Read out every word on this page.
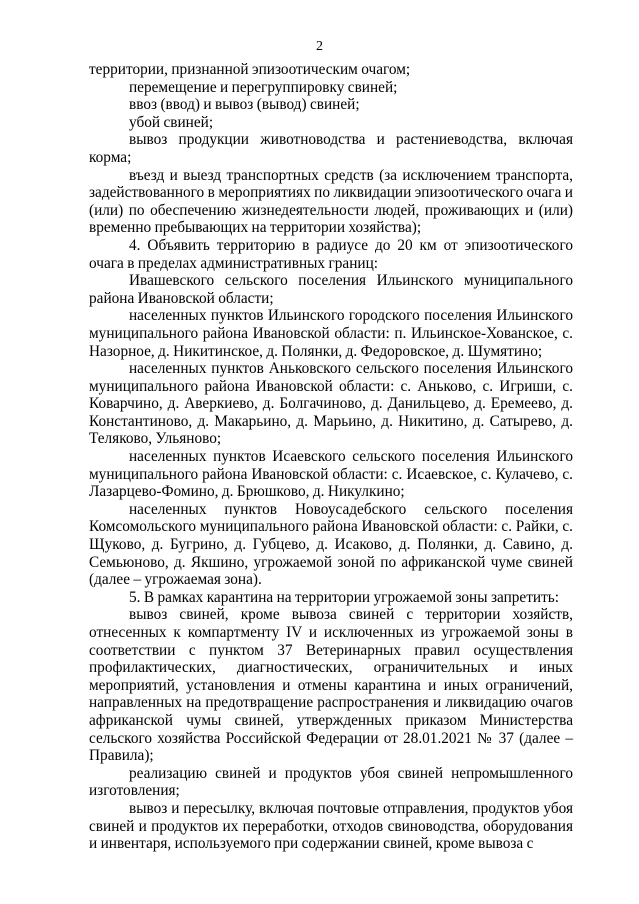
2

территории, признанной эпизоотическим очагом;

перемещение и перегруппировку свиней;

ввоз (ввод) и вывоз (вывод) свиней;

убой свиней;

вывоз продукции животноводства и растениеводства, включая корма;

въезд и выезд транспортных средств (за исключением транспорта, задействованного в мероприятиях по ликвидации эпизоотического очага и (или) по обеспечению жизнедеятельности людей, проживающих и (или) временно пребывающих на территории хозяйства);

4. Объявить территорию в радиусе до 20 км от эпизоотического очага в пределах административных границ:

Ивашевского сельского поселения Ильинского муниципального района Ивановской области;

населенных пунктов Ильинского городского поселения Ильинского муниципального района Ивановской области: п. Ильинское-Хованское, с. Назорное, д. Никитинское, д. Полянки, д. Федоровское, д. Шумятино;

населенных пунктов Аньковского сельского поселения Ильинского муниципального района Ивановской области: с. Аньково, с. Игриши, с. Коварчино, д. Аверкиево, д. Болгачиново, д. Данильцево, д. Еремеево, д. Константиново, д. Макарьино, д. Марьино, д. Никитино, д. Сатырево, д. Теляково, Ульяново;

населенных пунктов Исаевского сельского поселения Ильинского муниципального района Ивановской области: с. Исаевское, с. Кулачево, с. Лазарцево-Фомино, д. Брюшково, д. Никулкино;

населенных пунктов Новоусадебского сельского поселения Комсомольского муниципального района Ивановской области: с. Райки, с. Щуково, д. Бугрино, д. Губцево, д. Исаково, д. Полянки, д. Савино, д. Семьюново, д. Якшино, угрожаемой зоной по африканской чуме свиней (далее – угрожаемая зона).

5. В рамках карантина на территории угрожаемой зоны запретить:

вывоз свиней, кроме вывоза свиней с территории хозяйств, отнесенных к компартменту IV и исключенных из угрожаемой зоны в соответствии с пунктом 37 Ветеринарных правил осуществления профилактических, диагностических, ограничительных и иных мероприятий, установления и отмены карантина и иных ограничений, направленных на предотвращение распространения и ликвидацию очагов африканской чумы свиней, утвержденных приказом Министерства сельского хозяйства Российской Федерации от 28.01.2021 № 37 (далее – Правила);

реализацию свиней и продуктов убоя свиней непромышленного изготовления;

вывоз и пересылку, включая почтовые отправления, продуктов убоя свиней и продуктов их переработки, отходов свиноводства, оборудования и инвентаря, используемого при содержании свиней, кроме вывоза с
